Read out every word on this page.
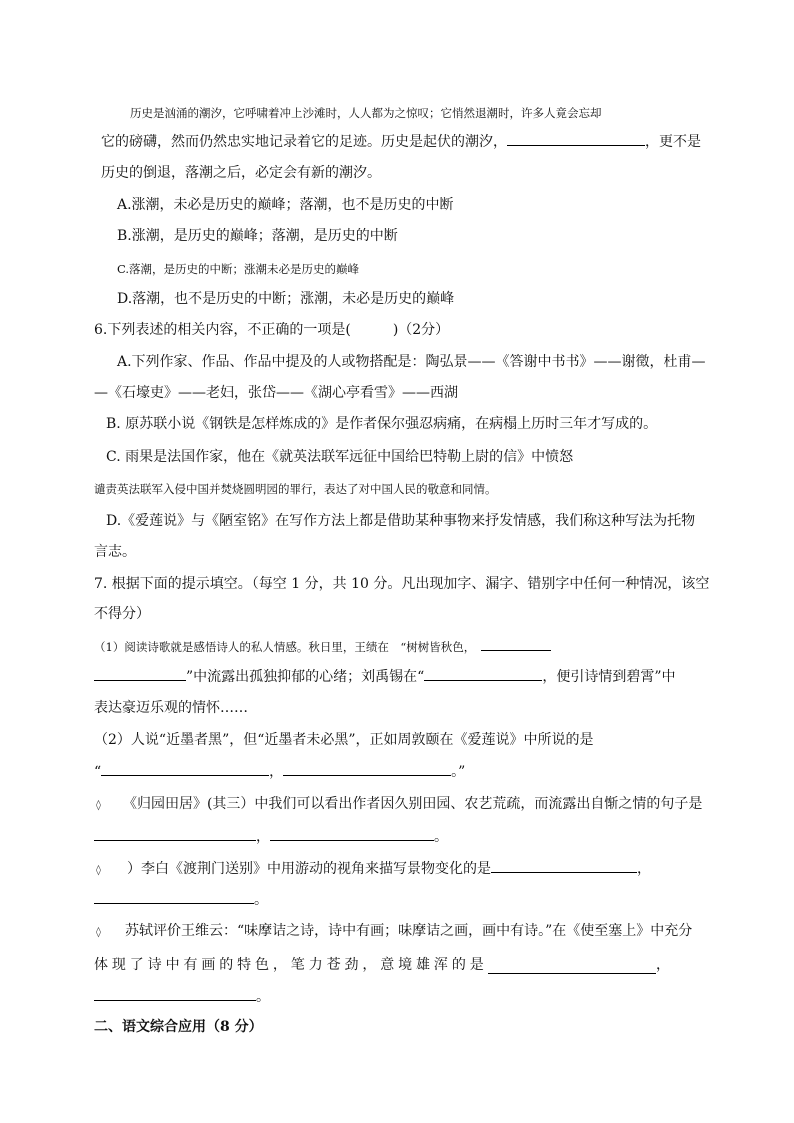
历史是汹涌的潮汐，它呼啸着冲上沙滩时，人人都为之惊叹；它悄然退潮时，许多人竟会忘却
它的磅礴，然而仍然忠实地记录着它的足迹。历史是起伏的潮汐，	，更不是
历史的倒退，落潮之后，必定会有新的潮汐。
A.涨潮，未必是历史的巅峰；落潮，也不是历史的中断
B.涨潮，是历史的巅峰；落潮，是历史的中断
C.落潮，是历史的中断；涨潮未必是历史的巅峰
D.落潮，也不是历史的中断；涨潮，未必是历史的巅峰
6.下列表述的相关内容，不正确的一项是(　　　)（2分）
A.下列作家、作品、作品中提及的人或物搭配是：陶弘景——《答谢中书书》——谢徵，杜甫—
—《石壕吏》——老妇，张岱——《湖心亭看雪》——西湖
B. 原苏联小说《钢铁是怎样炼成的》是作者保尔强忍病痛，在病榻上历时三年才写成的。
C. 雨果是法国作家，他在《就英法联军远征中国给巴特勒上尉的信》中愤怒
谴责英法联军入侵中国并焚烧圆明园的罪行，表达了对中国人民的敬意和同情。
D.《爱莲说》与《陋室铭》在写作方法上都是借助某种事物来抒发情感，我们称这种写法为托物
言志。
7. 根据下面的提示填空。（每空 1 分，共 10 分。凡出现加字、漏字、错别字中任何一种情况，该空
不得分）
（1）阅读诗歌就是感悟诗人的私人情感。秋日里，王绩在　“树树皆秋色，
”中流露出孤独抑郁的心绪；刘禹锡在“	，便引诗情到碧霄”中
表达豪迈乐观的情怀……
（2）人说“近墨者黑”，但“近墨者未必黑”，正如周敦颐在《爱莲说》中所说的是
“	，	。”
◊ 《归园田居》(其三）中我们可以看出作者因久别田园、农艺荒疏，而流露出自惭之情的句子是
，	。
◊ ）李白《渡荆门送别》中用游动的视角来描写景物变化的是	，
。
◊ 苏轼评价王维云：“味摩诘之诗，诗中有画；味摩诘之画，画中有诗。”在《使至塞上》中充分
体 现 了 诗 中 有 画 的 特 色 ， 笔 力 苍 劲 ， 意 境 雄 浑 的 是	，
。
二、语文综合应用（8 分）
